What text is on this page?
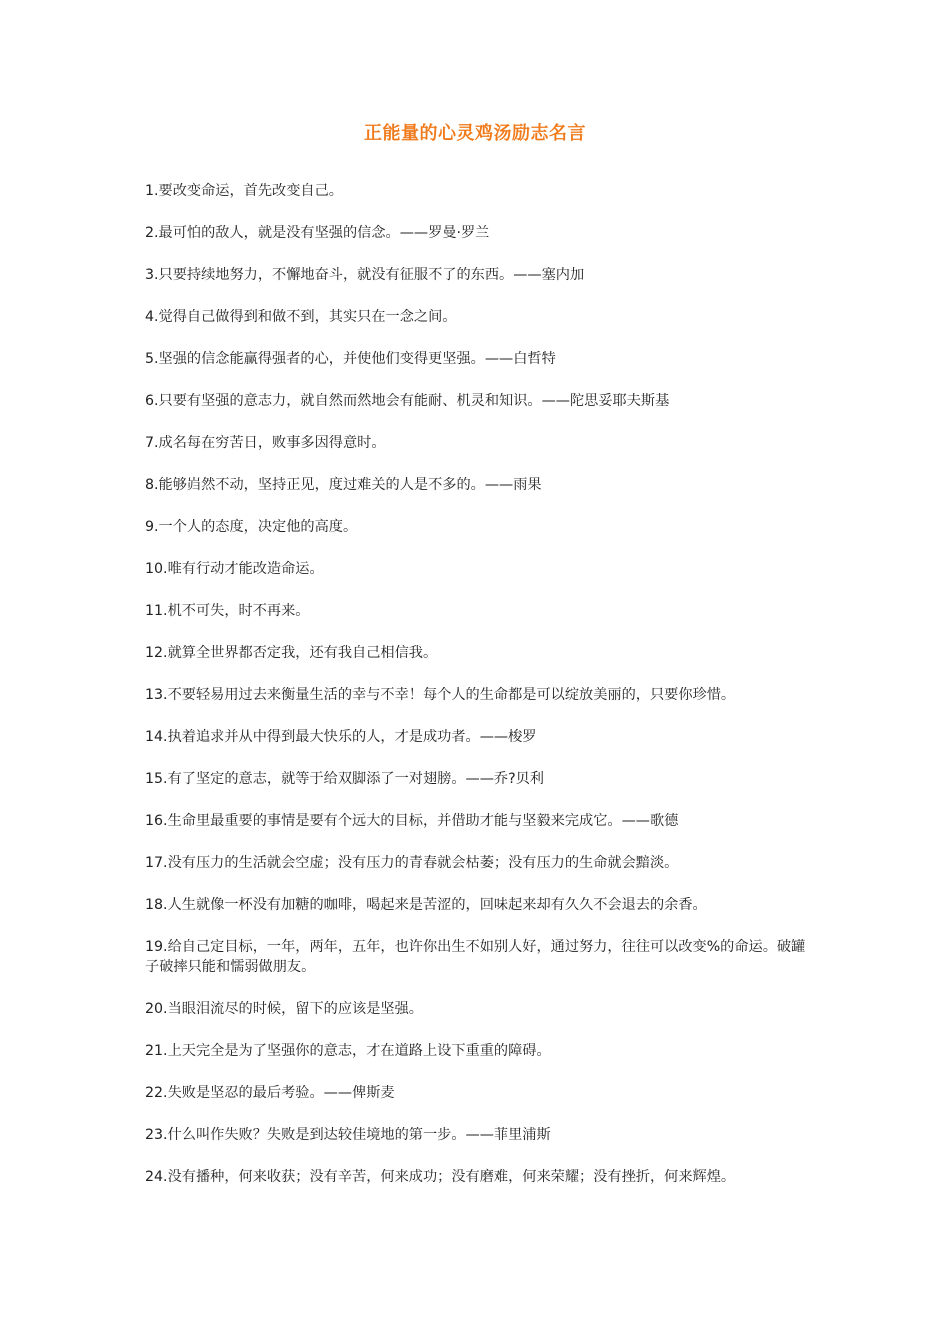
正能量的心灵鸡汤励志名言
1.要改变命运，首先改变自己。
2.最可怕的敌人，就是没有坚强的信念。——罗曼·罗兰
3.只要持续地努力，不懈地奋斗，就没有征服不了的东西。——塞内加
4.觉得自己做得到和做不到，其实只在一念之间。
5.坚强的信念能赢得强者的心，并使他们变得更坚强。——白哲特
6.只要有坚强的意志力，就自然而然地会有能耐、机灵和知识。——陀思妥耶夫斯基
7.成名每在穷苦日，败事多因得意时。
8.能够岿然不动，坚持正见，度过难关的人是不多的。——雨果
9.一个人的态度，决定他的高度。
10.唯有行动才能改造命运。
11.机不可失，时不再来。
12.就算全世界都否定我，还有我自己相信我。
13.不要轻易用过去来衡量生活的幸与不幸！每个人的生命都是可以绽放美丽的，只要你珍惜。
14.执着追求并从中得到最大快乐的人，才是成功者。——梭罗
15.有了坚定的意志，就等于给双脚添了一对翅膀。——乔?贝利
16.生命里最重要的事情是要有个远大的目标，并借助才能与坚毅来完成它。——歌德
17.没有压力的生活就会空虚；没有压力的青春就会枯萎；没有压力的生命就会黯淡。
18.人生就像一杯没有加糖的咖啡，喝起来是苦涩的，回味起来却有久久不会退去的余香。
19.给自己定目标，一年，两年，五年，也许你出生不如别人好，通过努力，往往可以改变%的命运。破罐子破摔只能和懦弱做朋友。
20.当眼泪流尽的时候，留下的应该是坚强。
21.上天完全是为了坚强你的意志，才在道路上设下重重的障碍。
22.失败是坚忍的最后考验。——俾斯麦
23.什么叫作失败？失败是到达较佳境地的第一步。——菲里浦斯
24.没有播种，何来收获；没有辛苦，何来成功；没有磨难，何来荣耀；没有挫折，何来辉煌。
